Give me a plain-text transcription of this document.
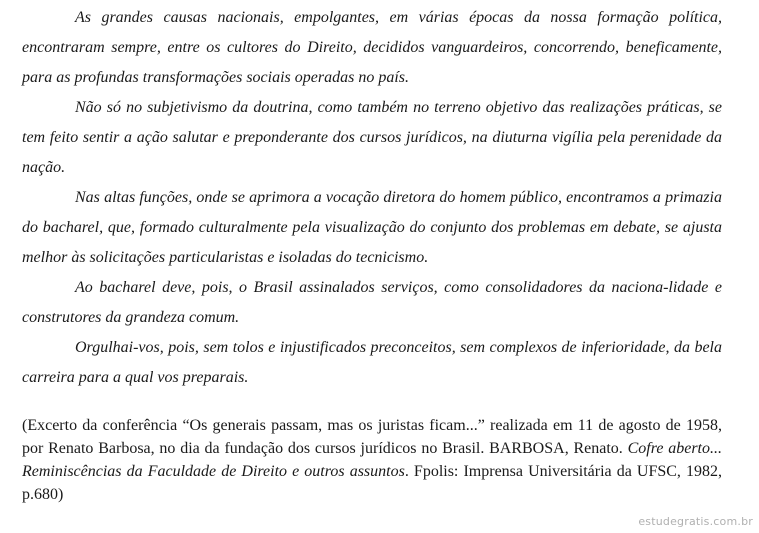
As grandes causas nacionais, empolgantes, em várias épocas da nossa formação política, encontraram sempre, entre os cultores do Direito, decididos vanguardeiros, concorrendo, beneficamente, para as profundas transformações sociais operadas no país.

Não só no subjetivismo da doutrina, como também no terreno objetivo das realizações práticas, se tem feito sentir a ação salutar e preponderante dos cursos jurídicos, na diuturna vigília pela perenidade da nação.

Nas altas funções, onde se aprimora a vocação diretora do homem público, encontramos a primazia do bacharel, que, formado culturalmente pela visualização do conjunto dos problemas em debate, se ajusta melhor às solicitações particularistas e isoladas do tecnicismo.

Ao bacharel deve, pois, o Brasil assinalados serviços, como consolidadores da naciona-lidade e construtores da grandeza comum.

Orgulhai-vos, pois, sem tolos e injustificados preconceitos, sem complexos de inferioridade, da bela carreira para a qual vos preparais.

(Excerto da conferência “Os generais passam, mas os juristas ficam...” realizada em 11 de agosto de 1958, por Renato Barbosa, no dia da fundação dos cursos jurídicos no Brasil. BARBOSA, Renato. Cofre aberto... Reminiscências da Faculdade de Direito e outros assuntos. Fpolis: Imprensa Universitária da UFSC, 1982, p.680)
estudegratis.com.br
